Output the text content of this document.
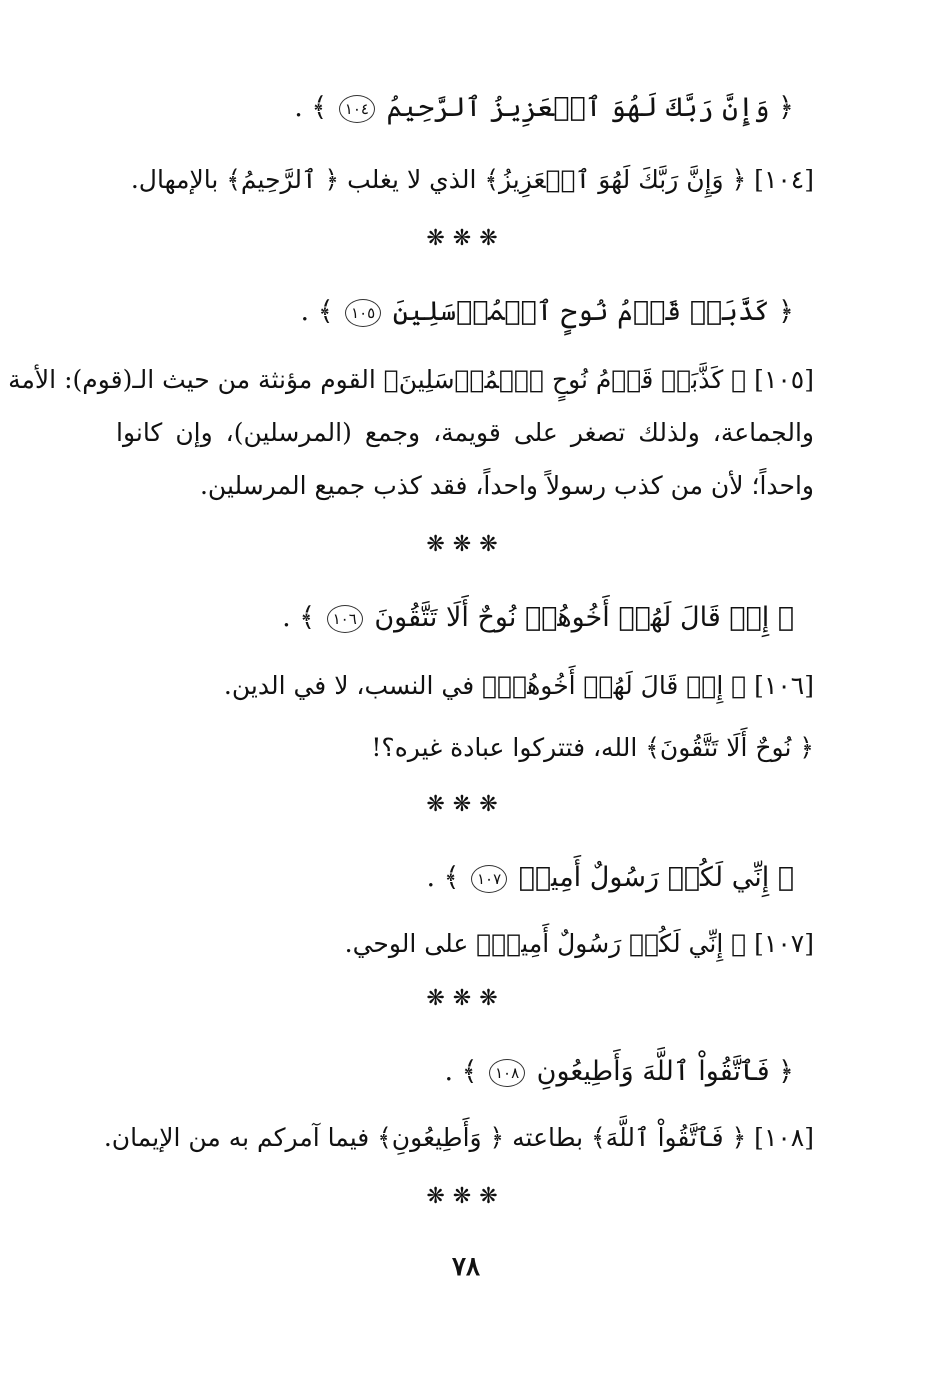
﴿ وَإِنَّ رَبَّكَ لَهُوَ ٱلۡعَزِيزُ ٱلرَّحِيمُ ١٠٤ ﴾ .
[١٠٤] ﴿ وَإِنَّ رَبَّكَ لَهُوَ ٱلۡعَزِيزُ﴾ الذي لا يغلب ﴿ ٱلرَّحِيمُ﴾ بالإمهال.
❋❋❋
﴿ كَذَّبَتۡ قَوۡمُ نُوحٍ ٱلۡمُرۡسَلِينَ ١٠٥ ﴾ .
[١٠٥] ﴿ كَذَّبَتۡ قَوۡمُ نُوحٍ ٱلۡمُرۡسَلِينَ﴾ القوم مؤنثة من حيث الـ(قوم): الأمة
والجماعة، ولذلك تصغر على قويمة، وجمع (المرسلين)، وإن كانوا
واحداً؛ لأن من كذب رسولاً واحداً، فقد كذب جميع المرسلين.
❋❋❋
﴿ إِذۡ قَالَ لَهُمۡ أَخُوهُمۡ نُوحٌ أَلَا تَتَّقُونَ ١٠٦ ﴾ .
[١٠٦] ﴿ إِذۡ قَالَ لَهُمۡ أَخُوهُمۡ﴾ في النسب، لا في الدين.
﴿ نُوحٌ أَلَا تَتَّقُونَ﴾ الله، فتتركوا عبادة غيره؟!
❋❋❋
﴿ إِنِّي لَكُمۡ رَسُولٌ أَمِينٞ ١٠٧ ﴾ .
[١٠٧] ﴿ إِنِّي لَكُمۡ رَسُولٌ أَمِينٞ﴾ على الوحي.
❋❋❋
﴿ فَٱتَّقُواْ ٱللَّهَ وَأَطِيعُونِ ١٠٨ ﴾ .
[١٠٨] ﴿ فَٱتَّقُواْ ٱللَّهَ﴾ بطاعته ﴿ وَأَطِيعُونِ﴾ فيما آمركم به من الإيمان.
❋❋❋
٧٨
